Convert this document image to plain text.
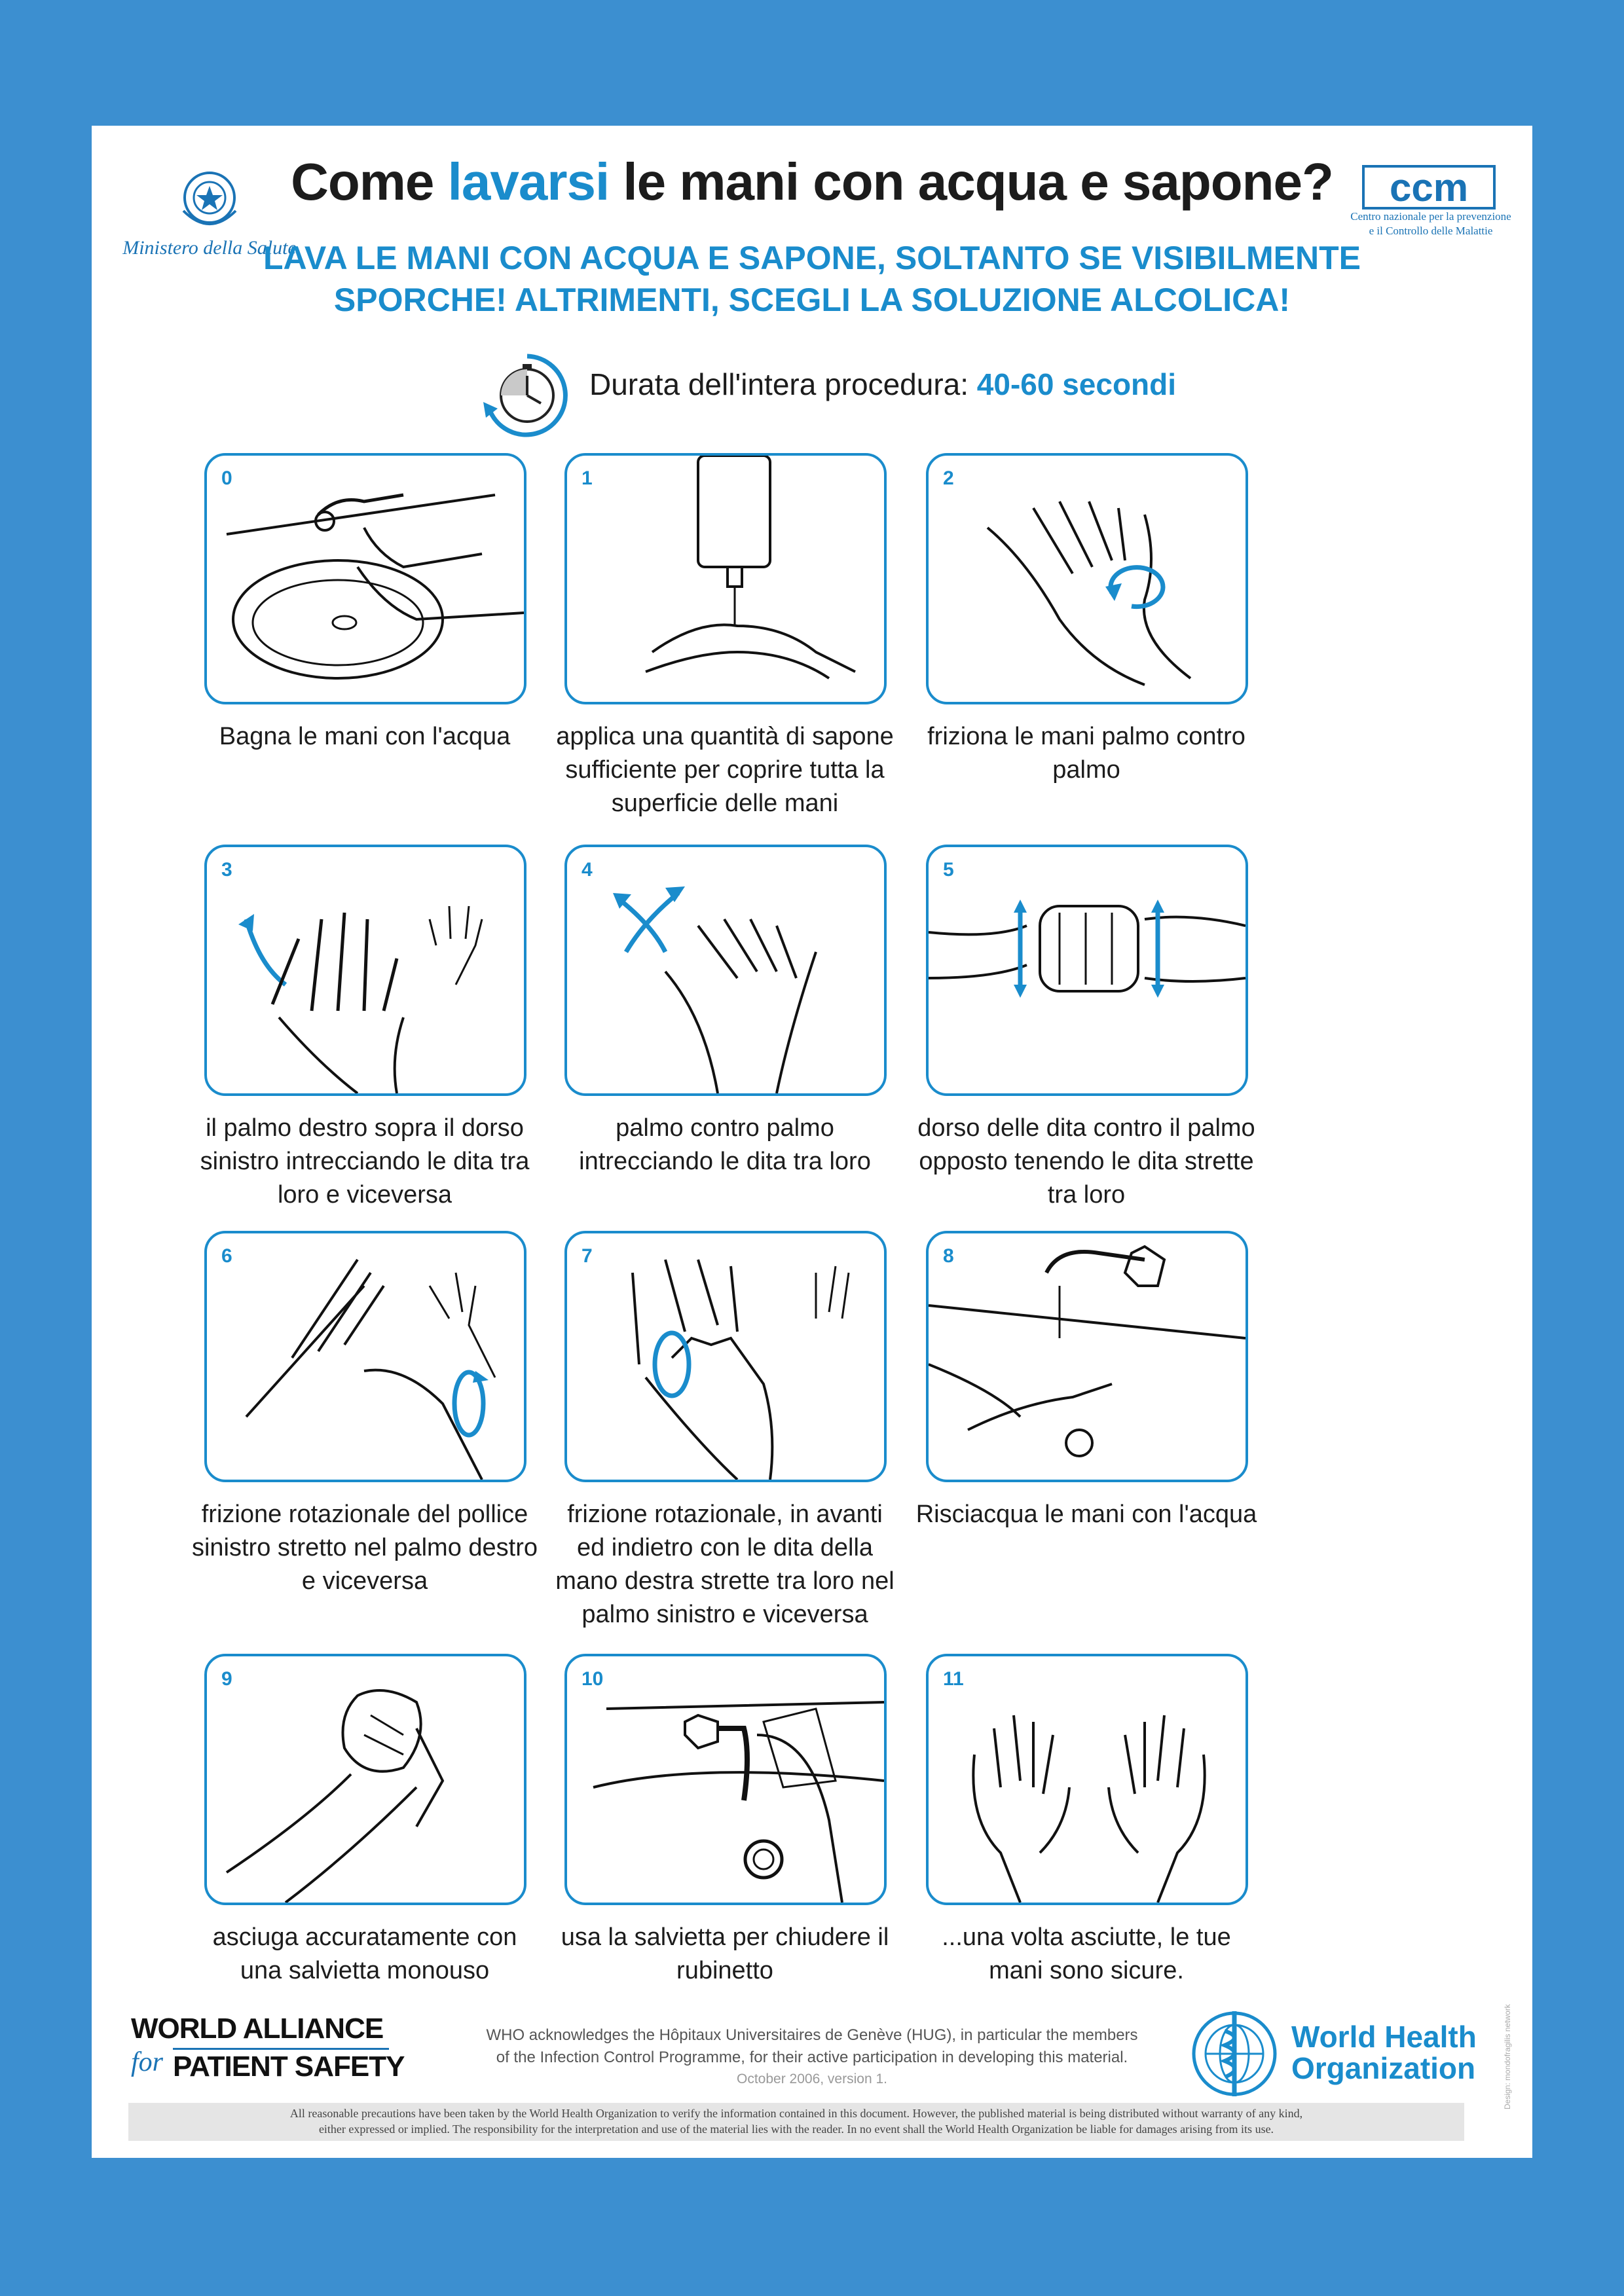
Ministero della Salute
ccm
Centro nazionale per la prevenzione
e il Controllo delle Malattie
Come lavarsi le mani con acqua e sapone?
LAVA LE MANI CON ACQUA E SAPONE, SOLTANTO SE VISIBILMENTE
SPORCHE! ALTRIMENTI, SCEGLI LA SOLUZIONE ALCOLICA!
Durata dell'intera procedura: 40-60 secondi
WORLD ALLIANCE
for PATIENT SAFETY
WHO acknowledges the Hôpitaux Universitaires de Genève (HUG), in particular the members
of the Infection Control Programme, for their active participation in developing this material.
October 2006, version 1.
World Health
Organization
All reasonable precautions have been taken by the World Health Organization to verify the information contained in this document. However, the published material is being distributed without warranty of any kind,
either expressed or implied. The responsibility for the interpretation and use of the material lies with the reader. In no event shall the World Health Organization be liable for damages arising from its use.
Design: mondofragilis network
0
Bagna le mani con l'acqua
1
applica una quantità di sapone sufficiente per coprire tutta la superficie delle mani
2
friziona le mani palmo contro palmo
3
il palmo destro sopra il dorso sinistro intrecciando le dita tra loro e viceversa
4
palmo contro palmo intrecciando le dita tra loro
5
dorso delle dita contro il palmo opposto tenendo le dita strette tra loro
6
frizione rotazionale del pollice sinistro stretto nel palmo destro e viceversa
7
frizione rotazionale, in avanti ed indietro con le dita della mano destra strette tra loro nel palmo sinistro e viceversa
8
Risciacqua le mani con l'acqua
9
asciuga accuratamente con una salvietta monouso
10
usa la salvietta per chiudere il rubinetto
11
...una volta asciutte, le tue mani sono sicure.
